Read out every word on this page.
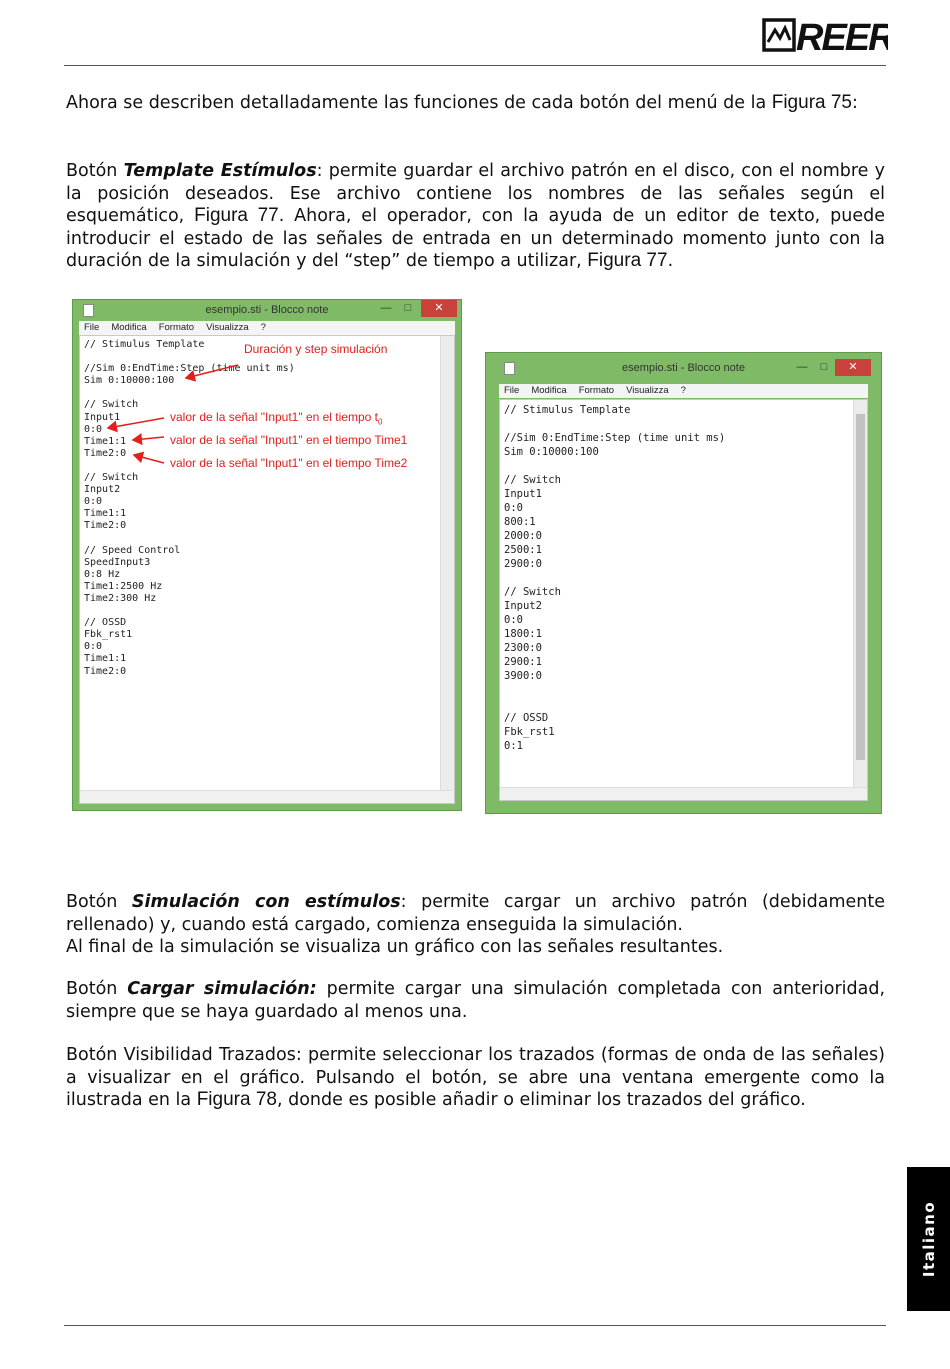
REER
Ahora se describen detalladamente las funciones de cada botón del menú de la Figura 75:
Botón Template Estímulos: permite guardar el archivo patrón en el disco, con el nombre y la posición deseados. Ese archivo contiene los nombres de las señales según el esquemático, Figura 77. Ahora, el operador, con la ayuda de un editor de texto, puede introducir el estado de las señales de entrada en un determinado momento junto con la duración de la simulación y del “step” de tiempo a utilizar, Figura 77.
esempio.sti - Blocco note	—	□	✕
File Modifica Formato Visualizza ?
// Stimulus Template

//Sim 0:EndTime:Step  unit ms)
Sim 0:10000:100

// Switch
Input1
0:0
Time1:1
Time2:0

// Switch
Input2
0:0
Time1:1
Time2:0

// Speed Control
SpeedInput3
0:8 Hz
Time1:2500 Hz
Time2:300 Hz

// OSSD
Fbk_rst1
0:0
Time1:1
Time2:0
Duración y step simulación
valor de la señal "Input1" en el tiempo $t_0$
valor de la señal "Input1" en el tiempo Time1
valor de la señal "Input1" en el tiempo Time2
esempio.sti - Blocco note	—	□	✕
File Modifica Formato Visualizza ?
// Stimulus Template

//Sim 0:EndTime:Step (time unit ms)
Sim 0:10000:100

// Switch
Input1
0:0
800:1
2000:0
2500:1
2900:0

// Switch
Input2
0:0
1800:1
2300:0
2900:1
3900:0

// OSSD
Fbk_rst1
0:1
Botón Simulación con estímulos: permite cargar un archivo patrón (debidamente rellenado) y, cuando está cargado, comienza enseguida la simulación.
Al final de la simulación se visualiza un gráfico con las señales resultantes.
Botón Cargar simulación: permite cargar una simulación completada con anterioridad, siempre que se haya guardado al menos una.
Botón Visibilidad Trazados: permite seleccionar los trazados (formas de onda de las señales) a visualizar en el gráfico. Pulsando el botón, se abre una ventana emergente como la ilustrada en la Figura 78, donde es posible añadir o eliminar los trazados del gráfico.
Italiano
